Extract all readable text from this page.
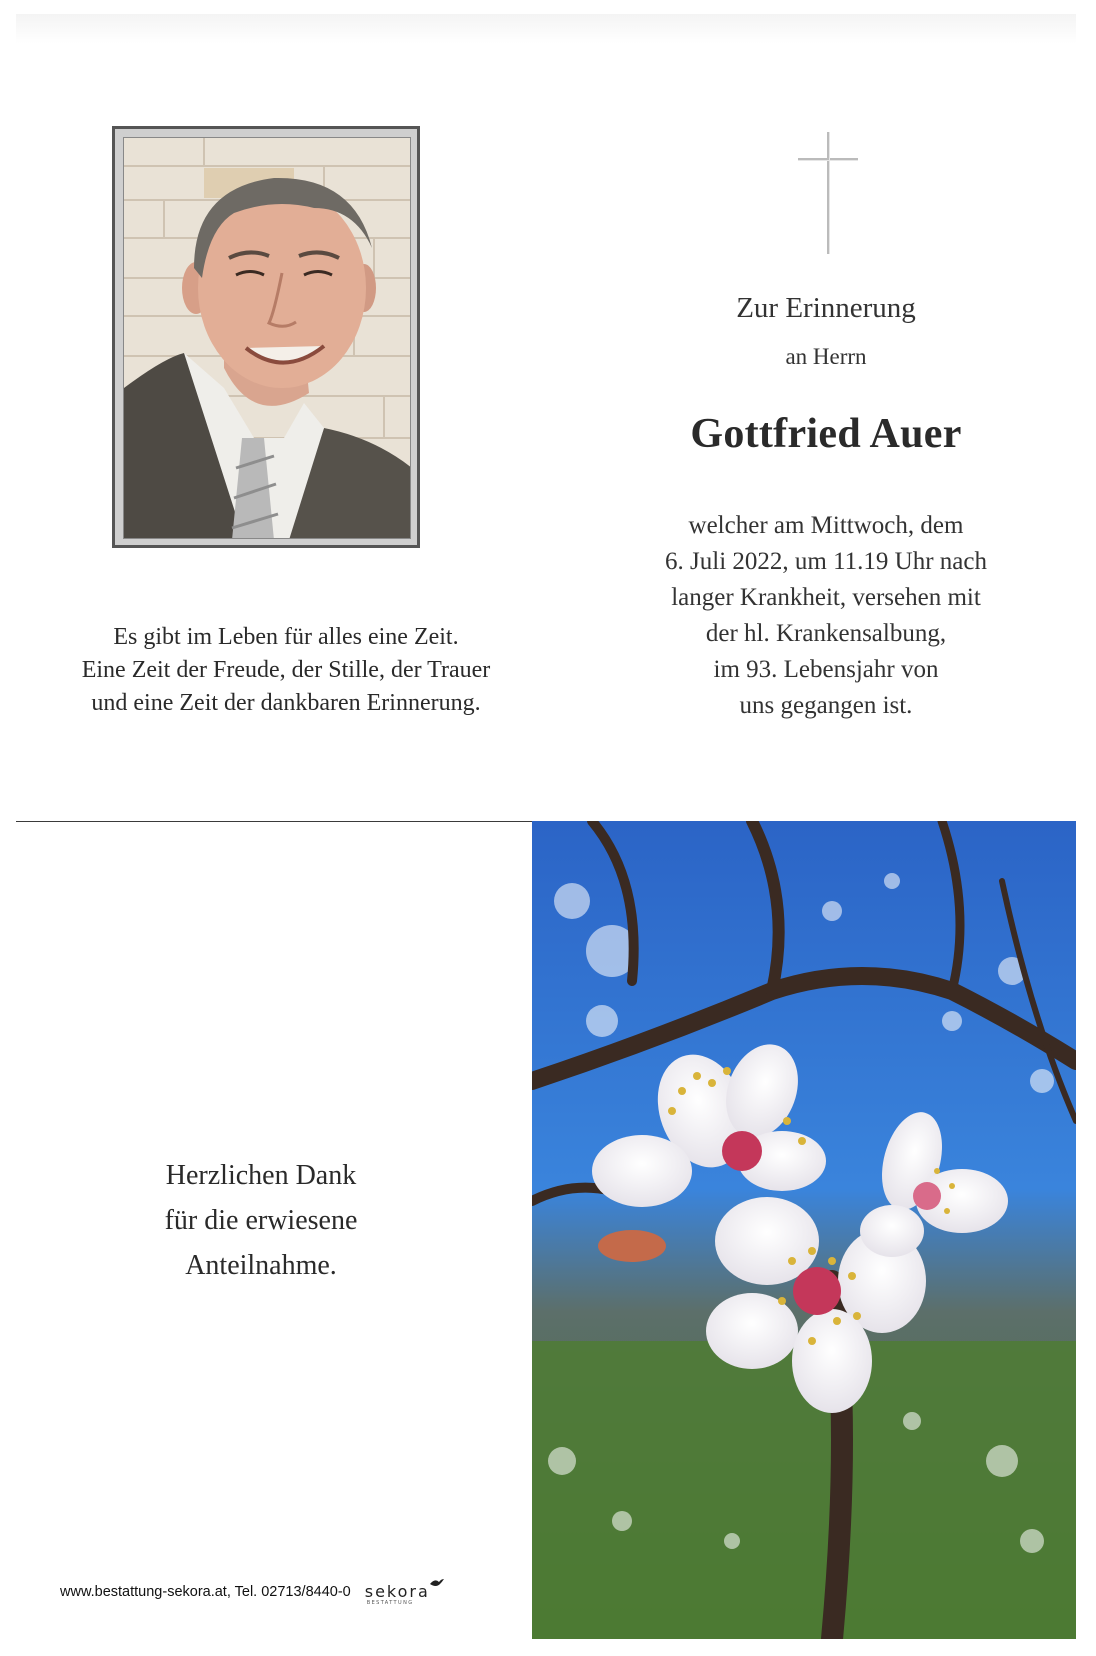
Es gibt im Leben für alles eine Zeit.
Eine Zeit der Freude, der Stille, der Trauer
und eine Zeit der dankbaren Erinnerung.
Zur Erinnerung
an Herrn
Gottfried Auer
welcher am Mittwoch, dem
6. Juli 2022, um 11.19 Uhr nach
langer Krankheit, versehen mit
der hl. Krankensalbung,
im 93. Lebensjahr von
uns gegangen ist.
Herzlichen Dank
für die erwiesene
Anteilnahme.
www.bestattung-sekora.at, Tel. 02713/8440-0 sekora
BESTATTUNG
